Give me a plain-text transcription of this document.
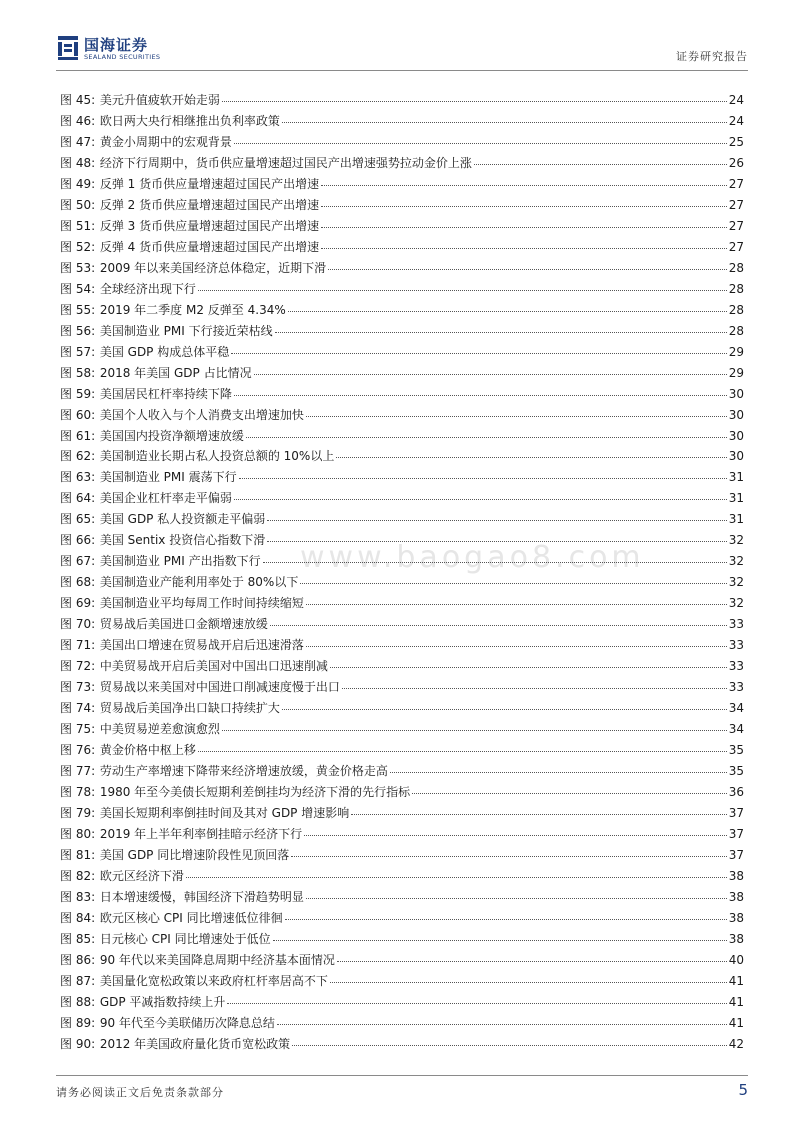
国海证券
SEALAND SECURITIES	证券研究报告
www.baogao8.com
图 45: 美元升值疲软开始走弱	24
图 46: 欧日两大央行相继推出负利率政策	24
图 47: 黄金小周期中的宏观背景	25
图 48: 经济下行周期中，货币供应量增速超过国民产出增速强势拉动金价上涨	26
图 49: 反弹 1 货币供应量增速超过国民产出增速	27
图 50: 反弹 2 货币供应量增速超过国民产出增速	27
图 51: 反弹 3 货币供应量增速超过国民产出增速	27
图 52: 反弹 4 货币供应量增速超过国民产出增速	27
图 53: 2009 年以来美国经济总体稳定，近期下滑	28
图 54: 全球经济出现下行	28
图 55: 2019 年二季度 M2 反弹至 4.34%	28
图 56: 美国制造业 PMI 下行接近荣枯线	28
图 57: 美国 GDP 构成总体平稳	29
图 58: 2018 年美国 GDP 占比情况	29
图 59: 美国居民杠杆率持续下降	30
图 60: 美国个人收入与个人消费支出增速加快	30
图 61: 美国国内投资净额增速放缓	30
图 62: 美国制造业长期占私人投资总额的 10%以上	30
图 63: 美国制造业 PMI 震荡下行	31
图 64: 美国企业杠杆率走平偏弱	31
图 65: 美国 GDP 私人投资额走平偏弱	31
图 66: 美国 Sentix 投资信心指数下滑	32
图 67: 美国制造业 PMI 产出指数下行	32
图 68: 美国制造业产能利用率处于 80%以下	32
图 69: 美国制造业平均每周工作时间持续缩短	32
图 70: 贸易战后美国进口金额增速放缓	33
图 71: 美国出口增速在贸易战开启后迅速滑落	33
图 72: 中美贸易战开启后美国对中国出口迅速削减	33
图 73: 贸易战以来美国对中国进口削减速度慢于出口	33
图 74: 贸易战后美国净出口缺口持续扩大	34
图 75: 中美贸易逆差愈演愈烈	34
图 76: 黄金价格中枢上移	35
图 77: 劳动生产率增速下降带来经济增速放缓，黄金价格走高	35
图 78: 1980 年至今美债长短期利差倒挂均为经济下滑的先行指标	36
图 79: 美国长短期利率倒挂时间及其对 GDP 增速影响	37
图 80: 2019 年上半年利率倒挂暗示经济下行	37
图 81: 美国 GDP 同比增速阶段性见顶回落	37
图 82: 欧元区经济下滑	38
图 83: 日本增速缓慢，韩国经济下滑趋势明显	38
图 84: 欧元区核心 CPI 同比增速低位徘徊	38
图 85: 日元核心 CPI 同比增速处于低位	38
图 86: 90 年代以来美国降息周期中经济基本面情况	40
图 87: 美国量化宽松政策以来政府杠杆率居高不下	41
图 88: GDP 平减指数持续上升	41
图 89: 90 年代至今美联储历次降息总结	41
图 90: 2012 年美国政府量化货币宽松政策	42
请务必阅读正文后免责条款部分	5
